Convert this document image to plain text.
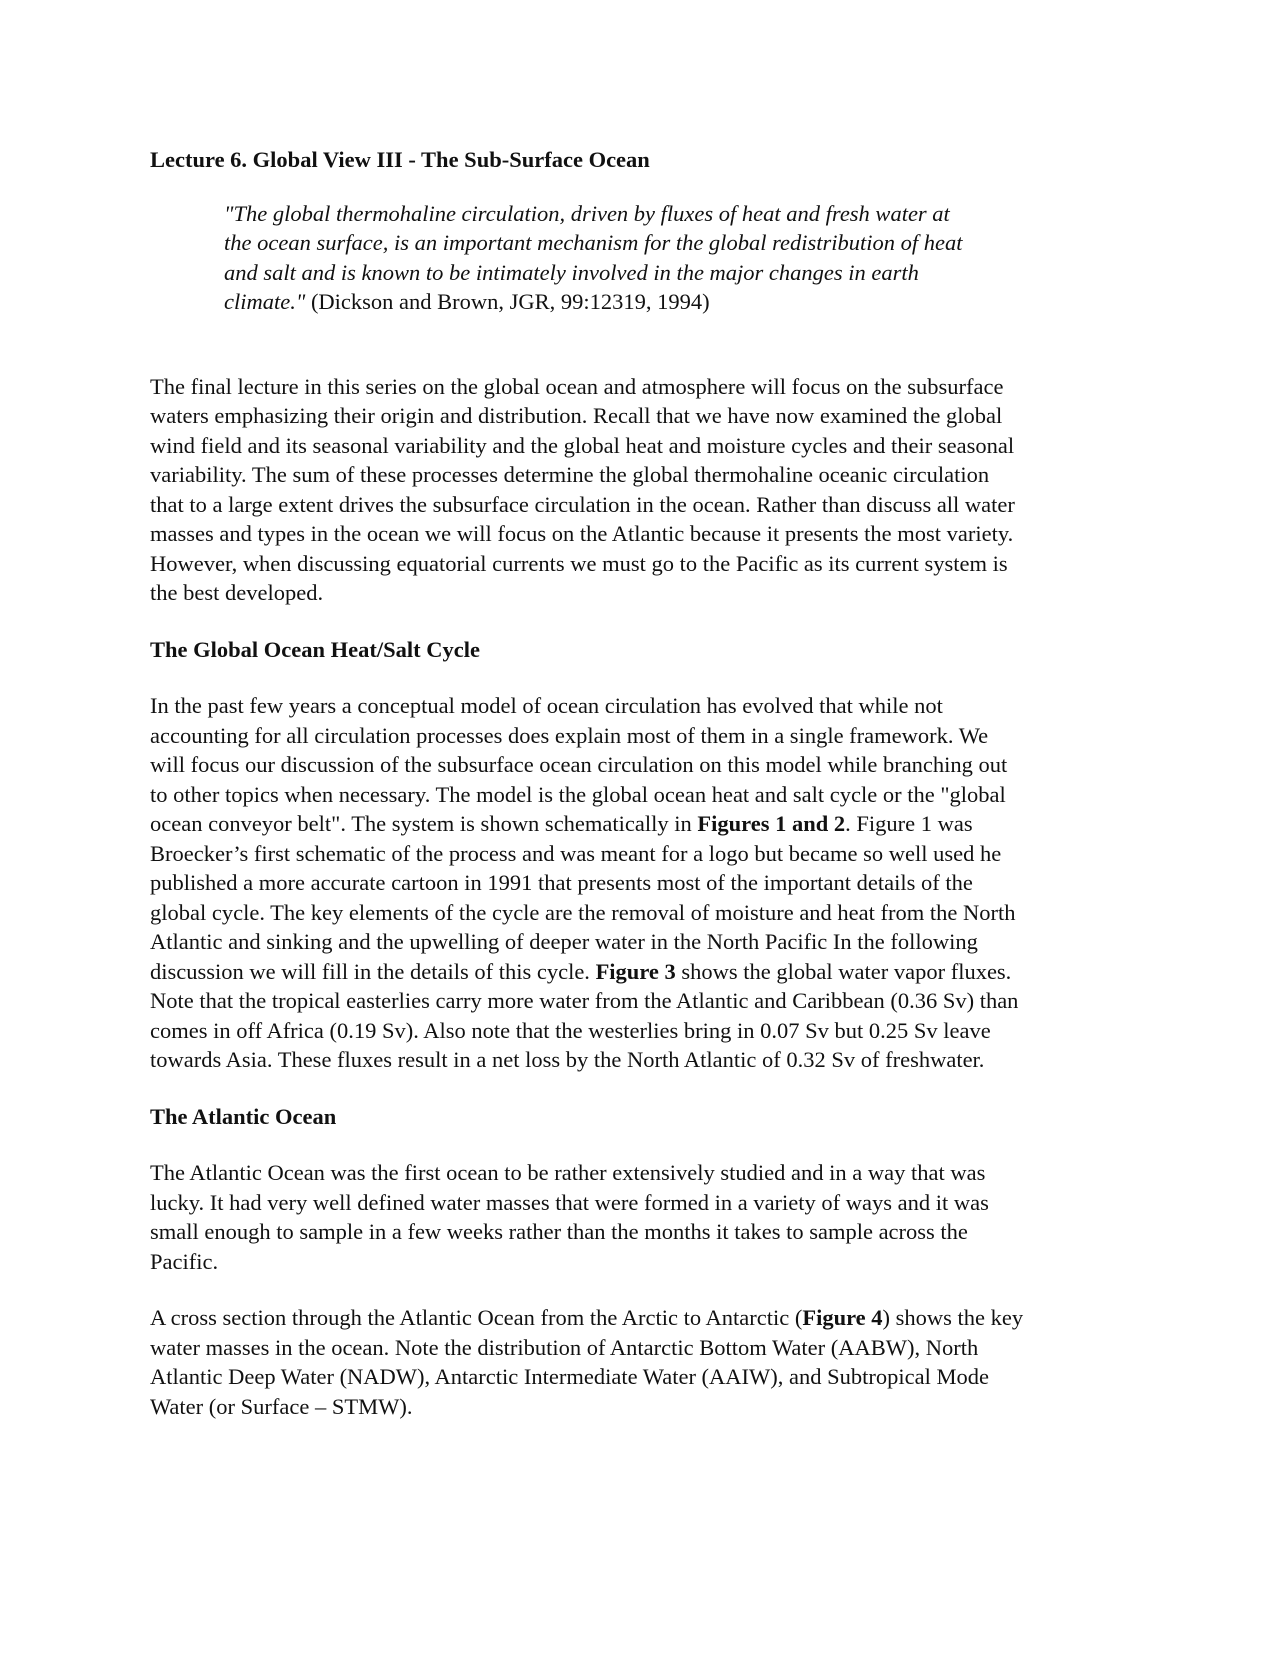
Lecture 6. Global View III - The Sub-Surface Ocean
"The global thermohaline circulation, driven by fluxes of heat and fresh water at
the ocean surface, is an important mechanism for the global redistribution of heat
and salt and is known to be intimately involved in the major changes in earth
climate." (Dickson and Brown, JGR, 99:12319, 1994)
The final lecture in this series on the global ocean and atmosphere will focus on the subsurface
waters emphasizing their origin and distribution. Recall that we have now examined the global
wind field and its seasonal variability and the global heat and moisture cycles and their seasonal
variability. The sum of these processes determine the global thermohaline oceanic circulation
that to a large extent drives the subsurface circulation in the ocean. Rather than discuss all water
masses and types in the ocean we will focus on the Atlantic because it presents the most variety.
However, when discussing equatorial currents we must go to the Pacific as its current system is
the best developed.
The Global Ocean Heat/Salt Cycle
In the past few years a conceptual model of ocean circulation has evolved that while not
accounting for all circulation processes does explain most of them in a single framework. We
will focus our discussion of the subsurface ocean circulation on this model while branching out
to other topics when necessary. The model is the global ocean heat and salt cycle or the "global
ocean conveyor belt". The system is shown schematically in Figures 1 and 2. Figure 1 was
Broecker’s first schematic of the process and was meant for a logo but became so well used he
published a more accurate cartoon in 1991 that presents most of the important details of the
global cycle. The key elements of the cycle are the removal of moisture and heat from the North
Atlantic and sinking and the upwelling of deeper water in the North Pacific In the following
discussion we will fill in the details of this cycle. Figure 3 shows the global water vapor fluxes.
Note that the tropical easterlies carry more water from the Atlantic and Caribbean (0.36 Sv) than
comes in off Africa (0.19 Sv). Also note that the westerlies bring in 0.07 Sv but 0.25 Sv leave
towards Asia. These fluxes result in a net loss by the North Atlantic of 0.32 Sv of freshwater.
The Atlantic Ocean
The Atlantic Ocean was the first ocean to be rather extensively studied and in a way that was
lucky. It had very well defined water masses that were formed in a variety of ways and it was
small enough to sample in a few weeks rather than the months it takes to sample across the
Pacific.
A cross section through the Atlantic Ocean from the Arctic to Antarctic (Figure 4) shows the key
water masses in the ocean. Note the distribution of Antarctic Bottom Water (AABW), North
Atlantic Deep Water (NADW), Antarctic Intermediate Water (AAIW), and Subtropical Mode
Water (or Surface – STMW).
